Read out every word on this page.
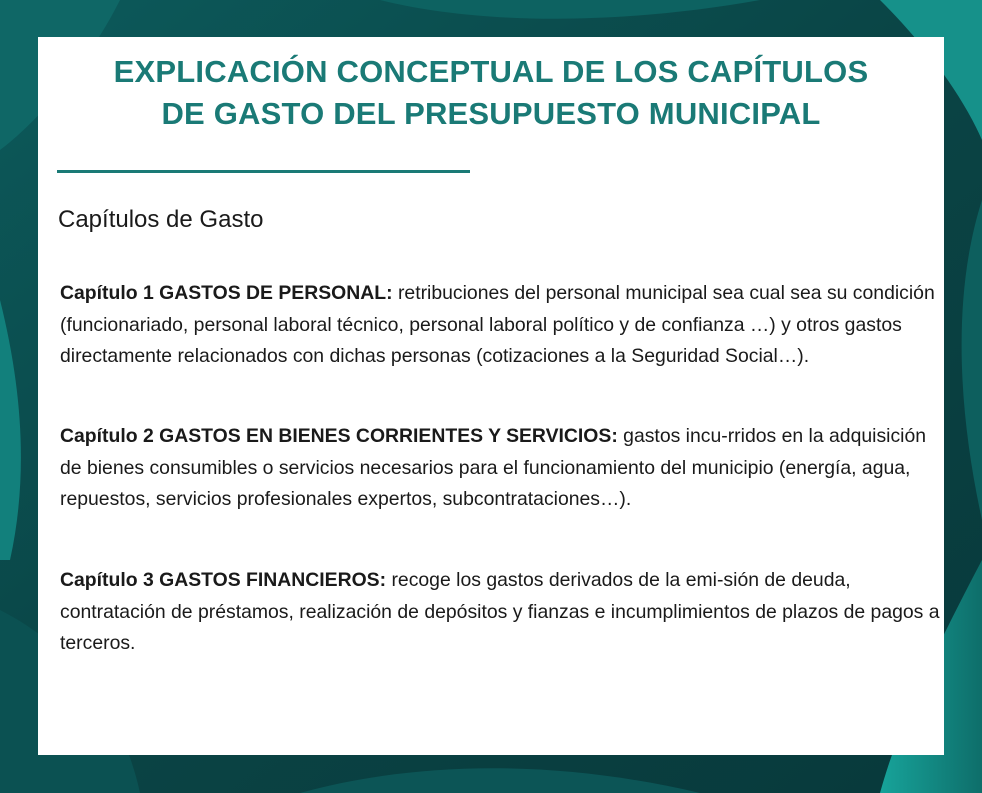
EXPLICACIÓN CONCEPTUAL DE LOS CAPÍTULOS
DE GASTO DEL PRESUPUESTO MUNICIPAL
Capítulos de Gasto

Capítulo 1 GASTOS DE PERSONAL: retribuciones del personal municipal sea cual sea su condición (funcionariado, personal laboral técnico, personal laboral político y de confianza …) y otros gastos directamente relacionados con dichas personas (cotizaciones a la Seguridad Social…).

Capítulo 2 GASTOS EN BIENES CORRIENTES Y SERVICIOS: gastos incu-rridos en la adquisición de bienes consumibles o servicios necesarios para el funcionamiento del municipio (energía, agua, repuestos, servicios profesionales expertos, subcontrataciones…).

Capítulo 3 GASTOS FINANCIEROS: recoge los gastos derivados de la emi-sión de deuda, contratación de préstamos, realización de depósitos y fianzas e incumplimientos de plazos de pagos a terceros.
